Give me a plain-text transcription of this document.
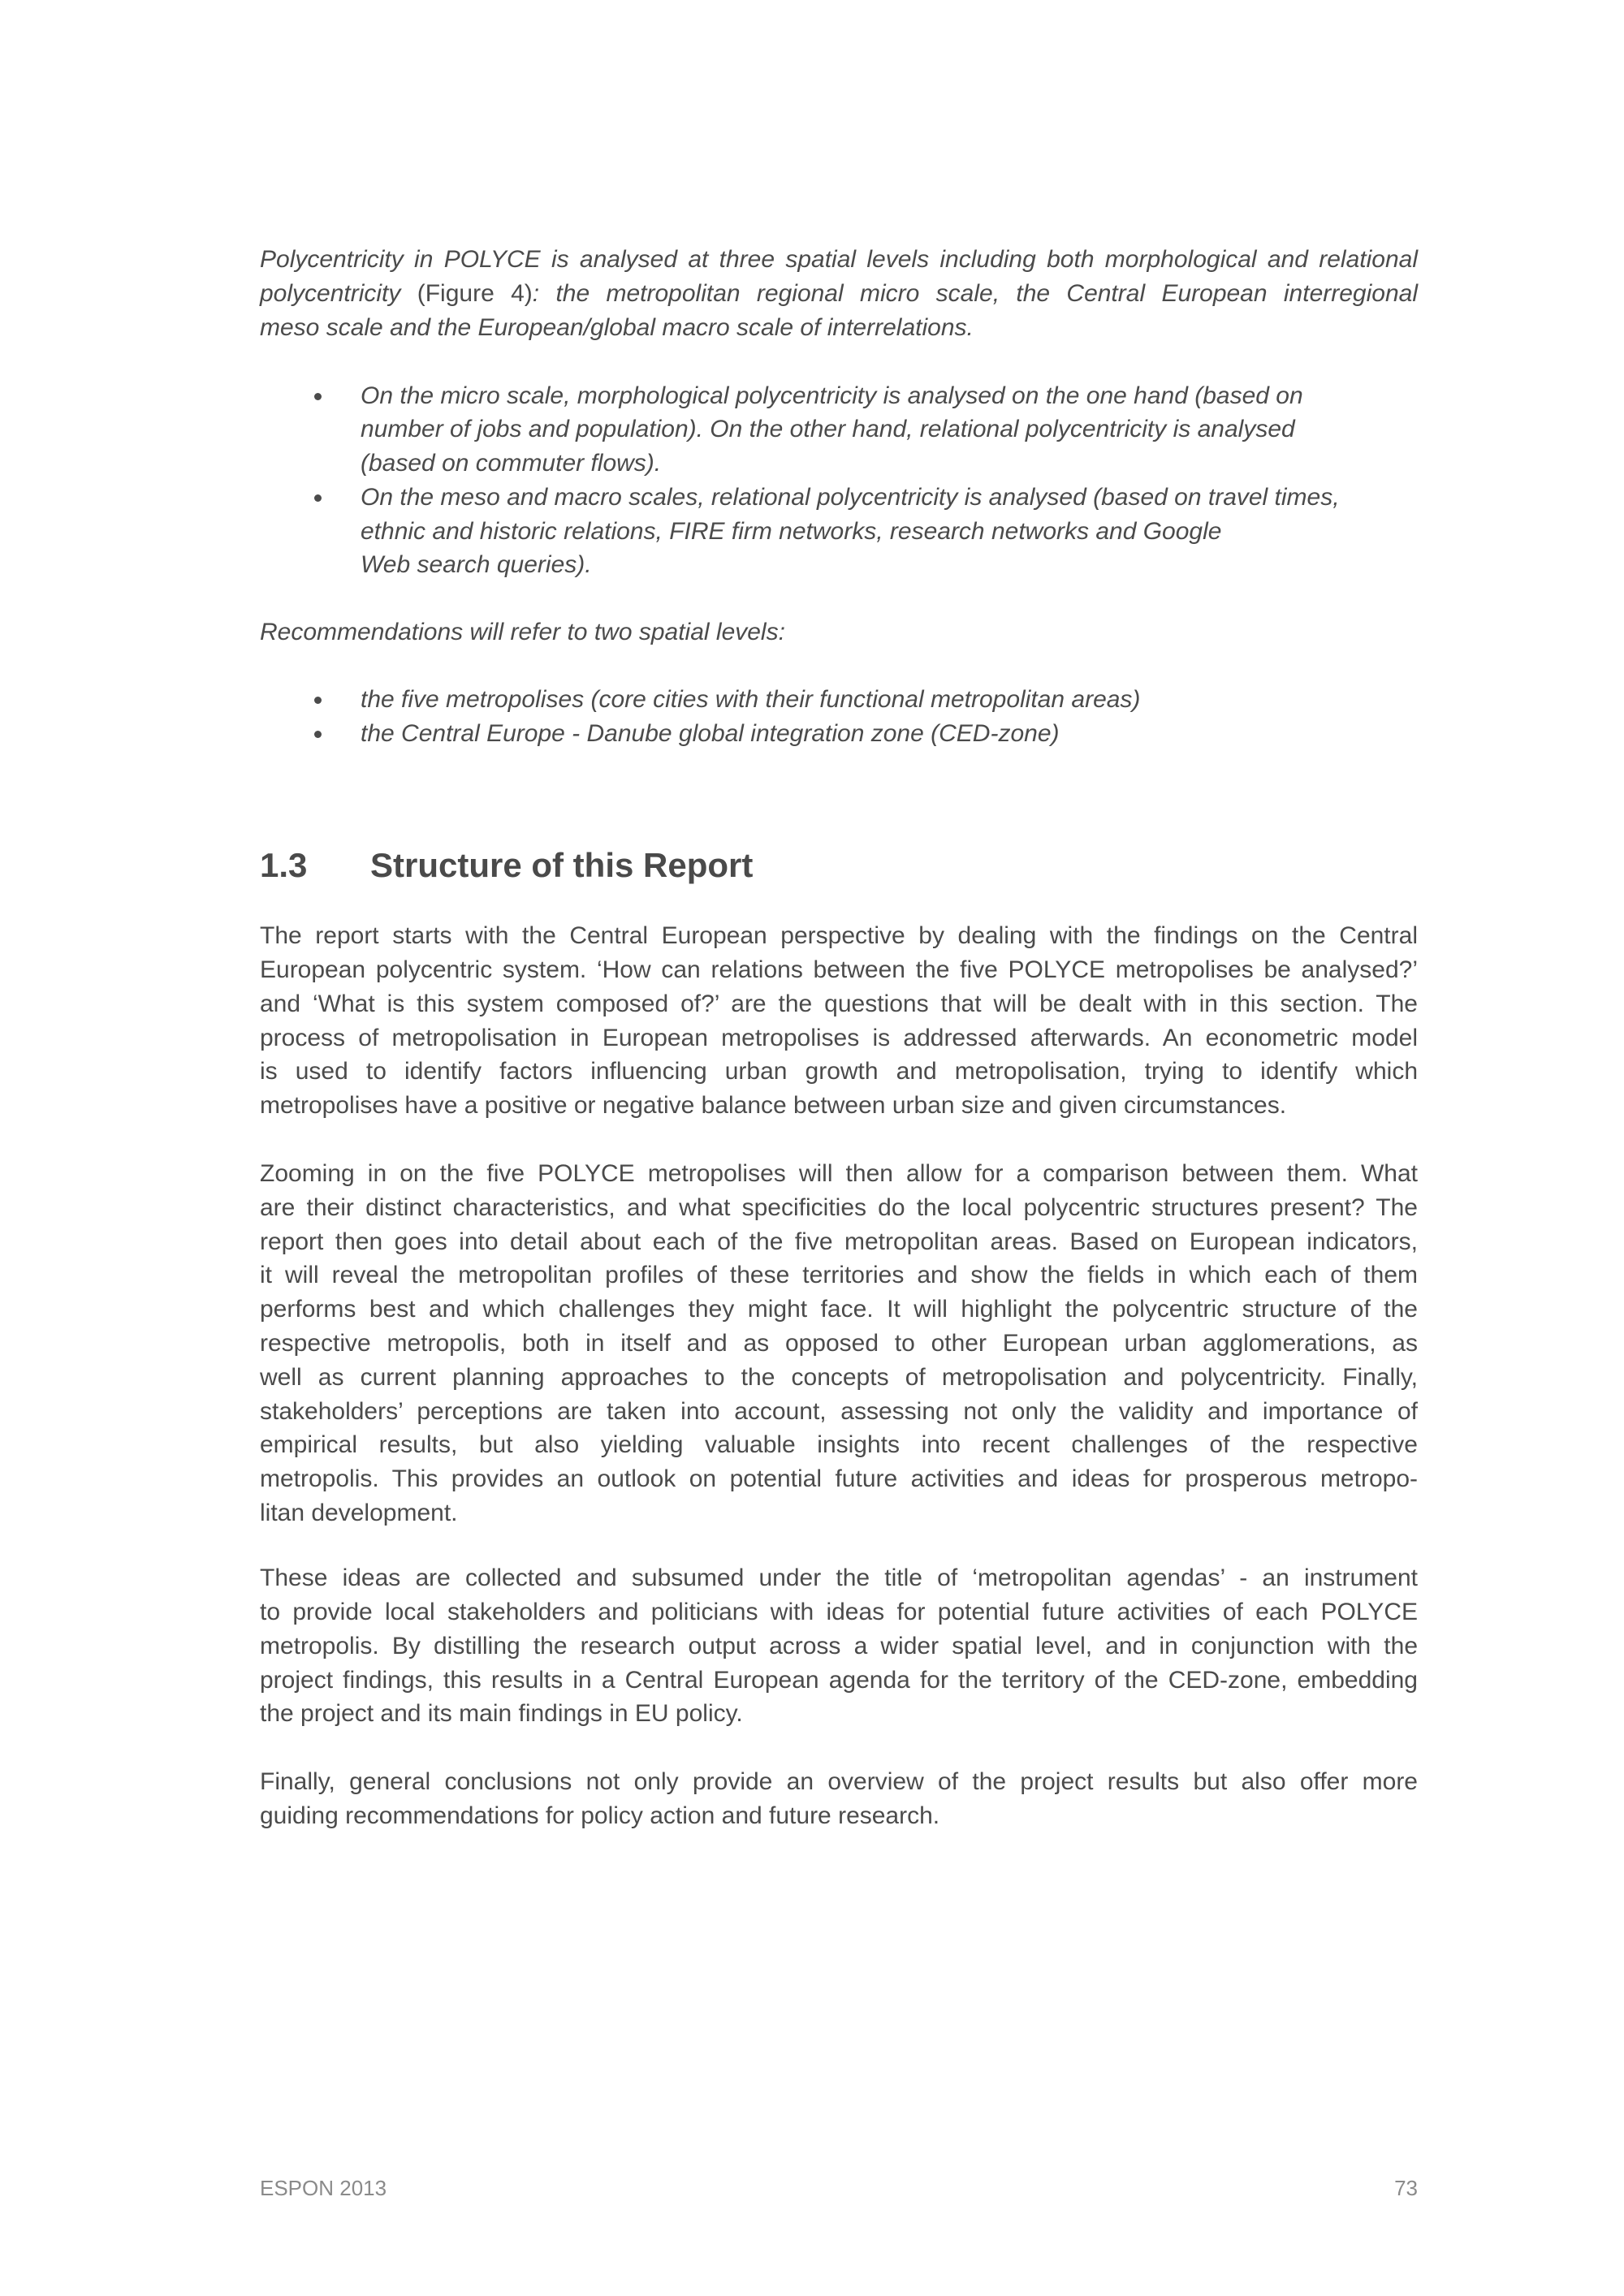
Polycentricity in POLYCE is analysed at three spatial levels including both morphological and relational
polycentricity (Figure 4): the metropolitan regional micro scale, the Central European interregional
meso scale and the European/global macro scale of interrelations.
On the micro scale, morphological polycentricity is analysed on the one hand (based on
number of jobs and population). On the other hand, relational polycentricity is analysed
(based on commuter flows).
On the meso and macro scales, relational polycentricity is analysed (based on travel times,
ethnic and historic relations, FIRE firm networks, research networks and Google
Web search queries).
Recommendations will refer to two spatial levels:
the five metropolises (core cities with their functional metropolitan areas)
the Central Europe - Danube global integration zone (CED-zone)
1.3 Structure of this Report
The report starts with the Central European perspective by dealing with the findings on the Central
European polycentric system. ‘How can relations between the five POLYCE metropolises be analysed?’
and ‘What is this system composed of?’ are the questions that will be dealt with in this section. The
process of metropolisation in European metropolises is addressed afterwards. An econometric model
is used to identify factors influencing urban growth and metropolisation, trying to identify which
metropolises have a positive or negative balance between urban size and given circumstances.
Zooming in on the five POLYCE metropolises will then allow for a comparison between them. What
are their distinct characteristics, and what specificities do the local polycentric structures present? The
report then goes into detail about each of the five metropolitan areas. Based on European indicators,
it will reveal the metropolitan profiles of these territories and show the fields in which each of them
performs best and which challenges they might face. It will highlight the polycentric structure of the
respective metropolis, both in itself and as opposed to other European urban agglomerations, as
well as current planning approaches to the concepts of metropolisation and polycentricity. Finally,
stakeholders’ perceptions are taken into account, assessing not only the validity and importance of
empirical results, but also yielding valuable insights into recent challenges of the respective
metropolis. This provides an outlook on potential future activities and ideas for prosperous metropo-
litan development.
These ideas are collected and subsumed under the title of ‘metropolitan agendas’ - an instrument
to provide local stakeholders and politicians with ideas for potential future activities of each POLYCE
metropolis. By distilling the research output across a wider spatial level, and in conjunction with the
project findings, this results in a Central European agenda for the territory of the CED-zone, embedding
the project and its main findings in EU policy.
Finally, general conclusions not only provide an overview of the project results but also offer more
guiding recommendations for policy action and future research.
ESPON 2013	73
